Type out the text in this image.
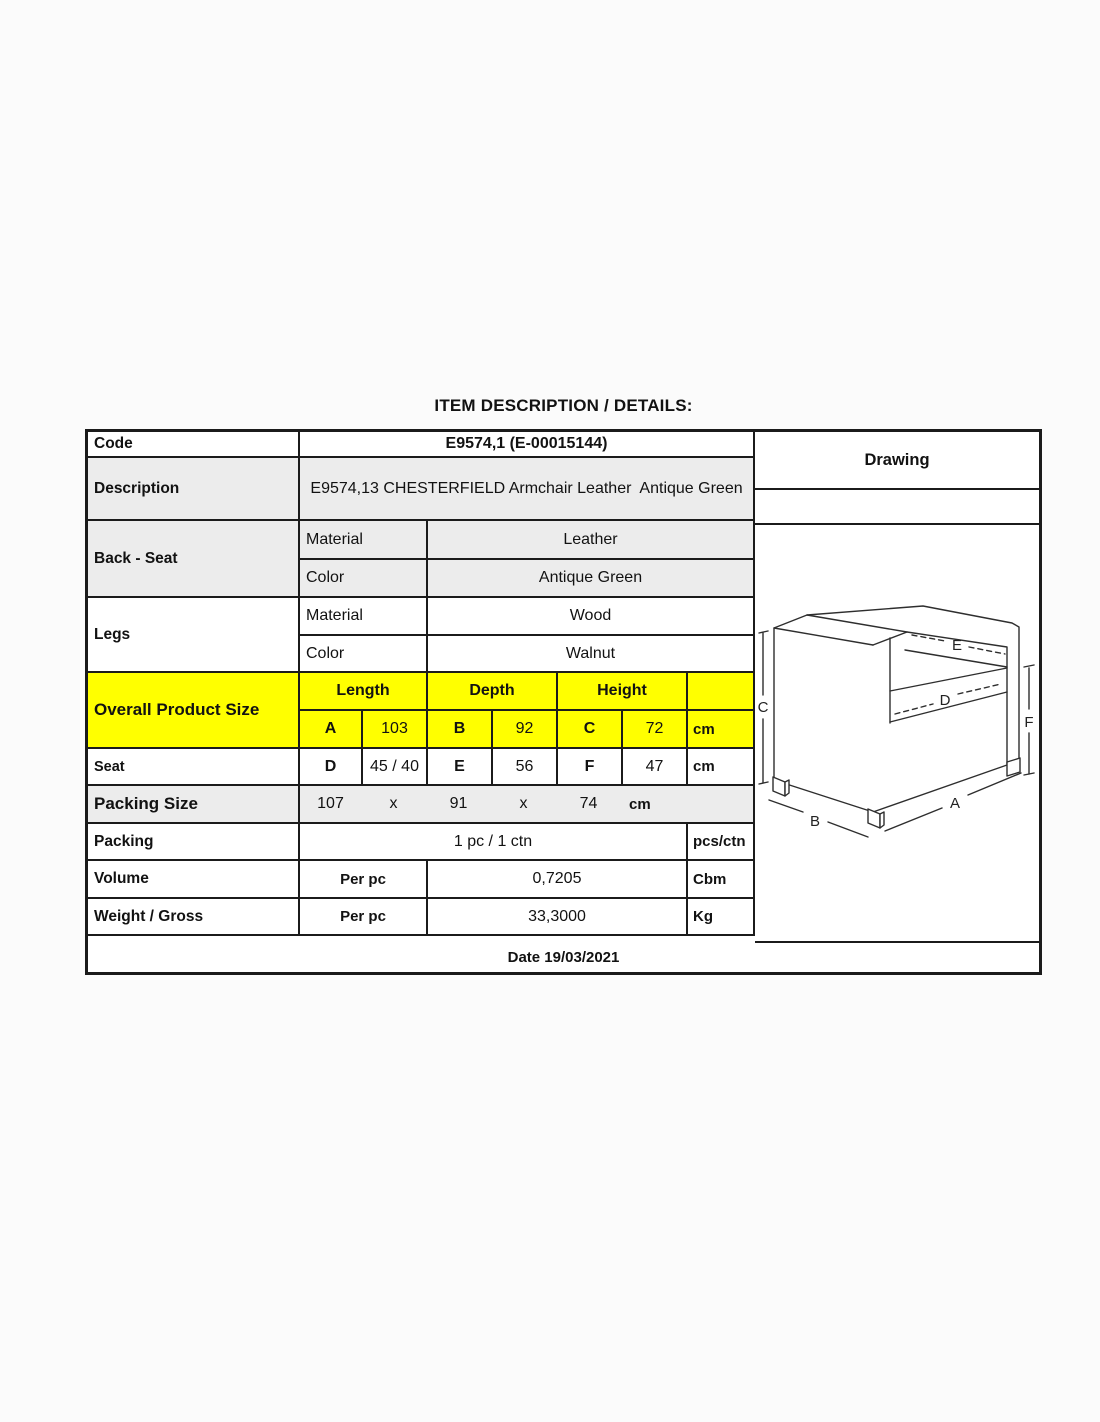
ITEM DESCRIPTION / DETAILS:
Code	E9574,1 (E-00015144)
Description	E9574,13 CHESTERFIELD Armchair Leather  Antique Green
Back - Seat
Material	Leather
Color	Antique Green
Legs
Material	Wood
Color	Walnut
Overall Product Size
Length	Depth	Height
A	103	B	92	C	72	cm
Seat	D	45 / 40	E	56	F	47	cm
Packing Size	107	x	91	x	74	cm
Packing	1 pc / 1 ctn	pcs/ctn
Volume	Per pc	0,7205	Cbm
Weight / Gross	Per pc	33,3000	Kg
Drawing
C
F
B
A
E
D
Date 19/03/2021
